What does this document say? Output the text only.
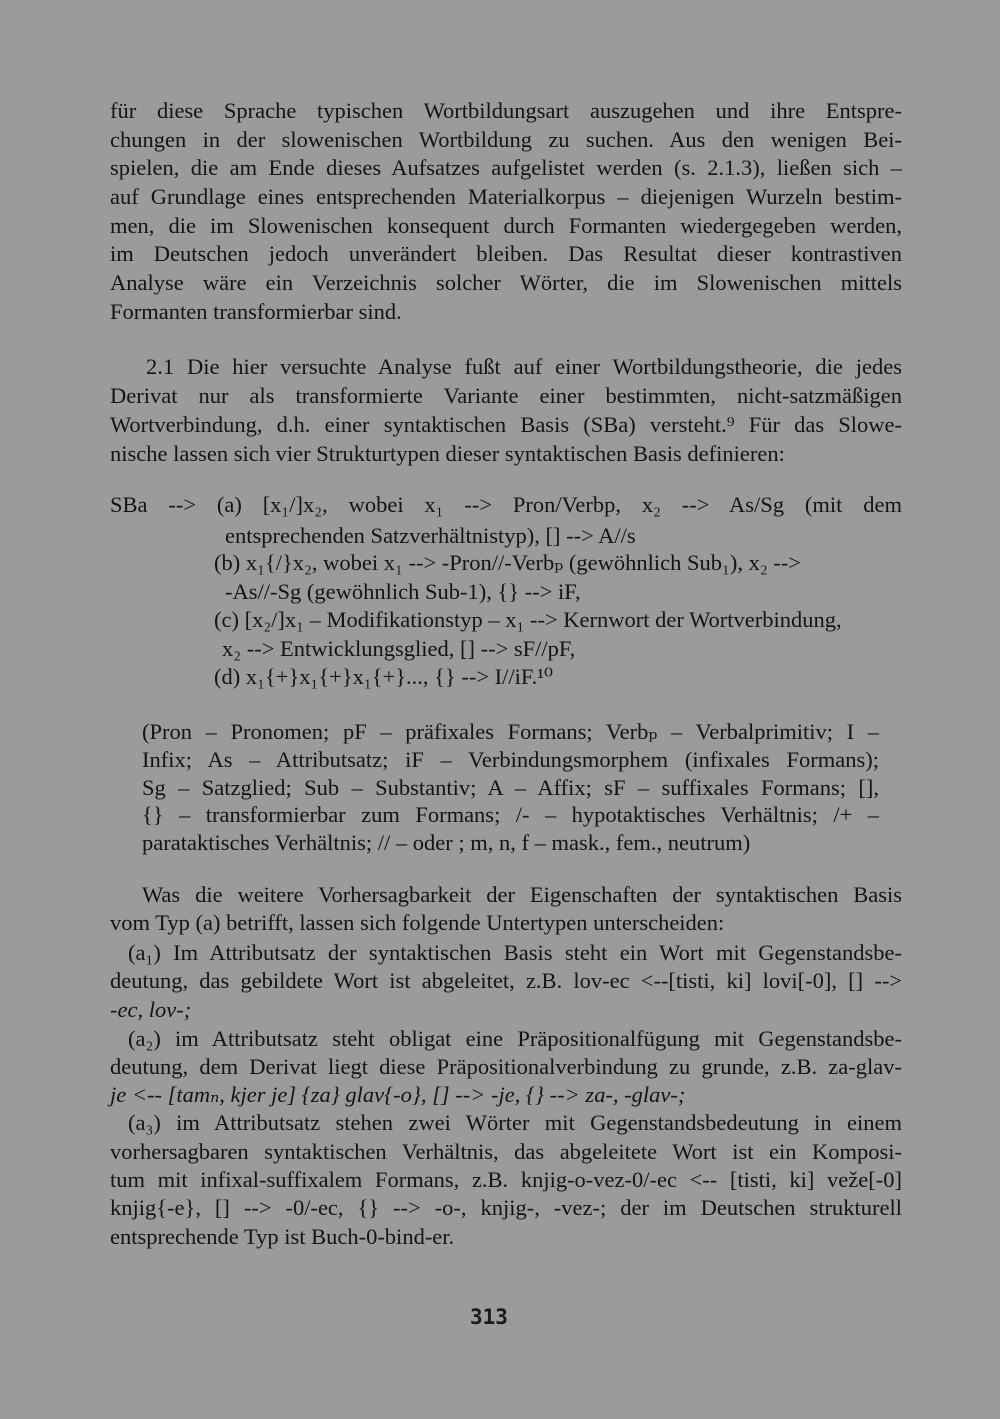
für diese Sprache typischen Wortbildungsart auszugehen und ihre Entspre-
chungen in der slowenischen Wortbildung zu suchen. Aus den wenigen Bei-
spielen, die am Ende dieses Aufsatzes aufgelistet werden (s. 2.1.3), ließen sich –
auf Grundlage eines entsprechenden Materialkorpus – diejenigen Wurzeln bestim-
men, die im Slowenischen konsequent durch Formanten wiedergegeben werden,
im Deutschen jedoch unverändert bleiben. Das Resultat dieser kontrastiven
Analyse wäre ein Verzeichnis solcher Wörter, die im Slowenischen mittels
Formanten transformierbar sind.
2.1 Die hier versuchte Analyse fußt auf einer Wortbildungstheorie, die jedes
Derivat nur als transformierte Variante einer bestimmten, nicht-satzmäßigen
Wortverbindung, d.h. einer syntaktischen Basis (SBa) versteht.⁹ Für das Slowe-
nische lassen sich vier Strukturtypen dieser syntaktischen Basis definieren:
SBa --> (a) [x₁/]x₂, wobei x₁ --> Pron/Verbp, x₂ --> As/Sg (mit dem
entsprechenden Satzverhältnistyp), [] --> A//s
(b) x₁{/}x₂, wobei x₁ --> -Pron//-Verbₚ (gewöhnlich Sub₁), x₂ -->
-As//-Sg (gewöhnlich Sub-1), {} --> iF,
(c) [x₂/]x₁ – Modifikationstyp – x₁ --> Kernwort der Wortverbindung,
x₂ --> Entwicklungsglied, [] --> sF//pF,
(d) x₁{+}x₁{+}x₁{+}..., {} --> I//iF.¹⁰
(Pron – Pronomen; pF – präfixales Formans; Verbₚ – Verbalprimitiv; I –
Infix; As – Attributsatz; iF – Verbindungsmorphem (infixales Formans);
Sg – Satzglied; Sub – Substantiv; A – Affix; sF – suffixales Formans; [],
{} – transformierbar zum Formans; /- – hypotaktisches Verhältnis; /+ –
parataktisches Verhältnis; // – oder ; m, n, f – mask., fem., neutrum)
Was die weitere Vorhersagbarkeit der Eigenschaften der syntaktischen Basis
vom Typ (a) betrifft, lassen sich folgende Untertypen unterscheiden:
(a₁) Im Attributsatz der syntaktischen Basis steht ein Wort mit Gegenstandsbe-
deutung, das gebildete Wort ist abgeleitet, z.B. lov-ec <--[tisti, ki] lovi[-0], [] -->
-ec, lov-;
(a₂) im Attributsatz steht obligat eine Präpositionalfügung mit Gegenstandsbe-
deutung, dem Derivat liegt diese Präpositionalverbindung zu grunde, z.B. za-glav-
je <-- [tamₙ, kjer je] {za} glav{-o}, [] --> -je, {} --> za-, -glav-;
(a₃) im Attributsatz stehen zwei Wörter mit Gegenstandsbedeutung in einem
vorhersagbaren syntaktischen Verhältnis, das abgeleitete Wort ist ein Komposi-
tum mit infixal-suffixalem Formans, z.B. knjig-o-vez-0/-ec <-- [tisti, ki] veže[-0]
knjig{-e}, [] --> -0/-ec, {} --> -o-, knjig-, -vez-; der im Deutschen strukturell
entsprechende Typ ist Buch-0-bind-er.
313
